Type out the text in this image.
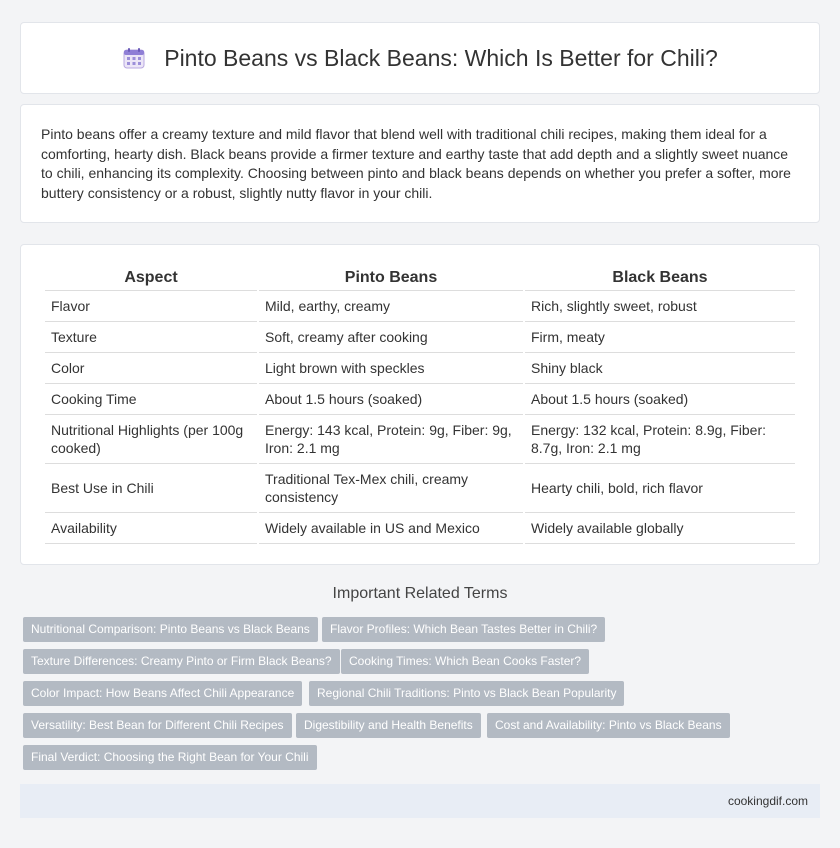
Pinto Beans vs Black Beans: Which Is Better for Chili?

Pinto beans offer a creamy texture and mild flavor that blend well with traditional chili recipes, making them ideal for a comforting, hearty dish. Black beans provide a firmer texture and earthy taste that add depth and a slightly sweet nuance to chili, enhancing its complexity. Choosing between pinto and black beans depends on whether you prefer a softer, more buttery consistency or a robust, slightly nutty flavor in your chili.

Aspect	Pinto Beans	Black Beans
Flavor	Mild, earthy, creamy	Rich, slightly sweet, robust
Texture	Soft, creamy after cooking	Firm, meaty
Color	Light brown with speckles	Shiny black
Cooking Time	About 1.5 hours (soaked)	About 1.5 hours (soaked)
Nutritional Highlights (per 100g cooked)	Energy: 143 kcal, Protein: 9g, Fiber: 9g, Iron: 2.1 mg	Energy: 132 kcal, Protein: 8.9g, Fiber: 8.7g, Iron: 2.1 mg
Best Use in Chili	Traditional Tex-Mex chili, creamy consistency	Hearty chili, bold, rich flavor
Availability	Widely available in US and Mexico	Widely available globally
Important Related Terms
Nutritional Comparison: Pinto Beans vs Black Beans	Flavor Profiles: Which Bean Tastes Better in Chili?
Texture Differences: Creamy Pinto or Firm Black Beans?	Cooking Times: Which Bean Cooks Faster?
Color Impact: How Beans Affect Chili Appearance	Regional Chili Traditions: Pinto vs Black Bean Popularity
Versatility: Best Bean for Different Chili Recipes	Digestibility and Health Benefits	Cost and Availability: Pinto vs Black Beans
Final Verdict: Choosing the Right Bean for Your Chili
cookingdif.com
